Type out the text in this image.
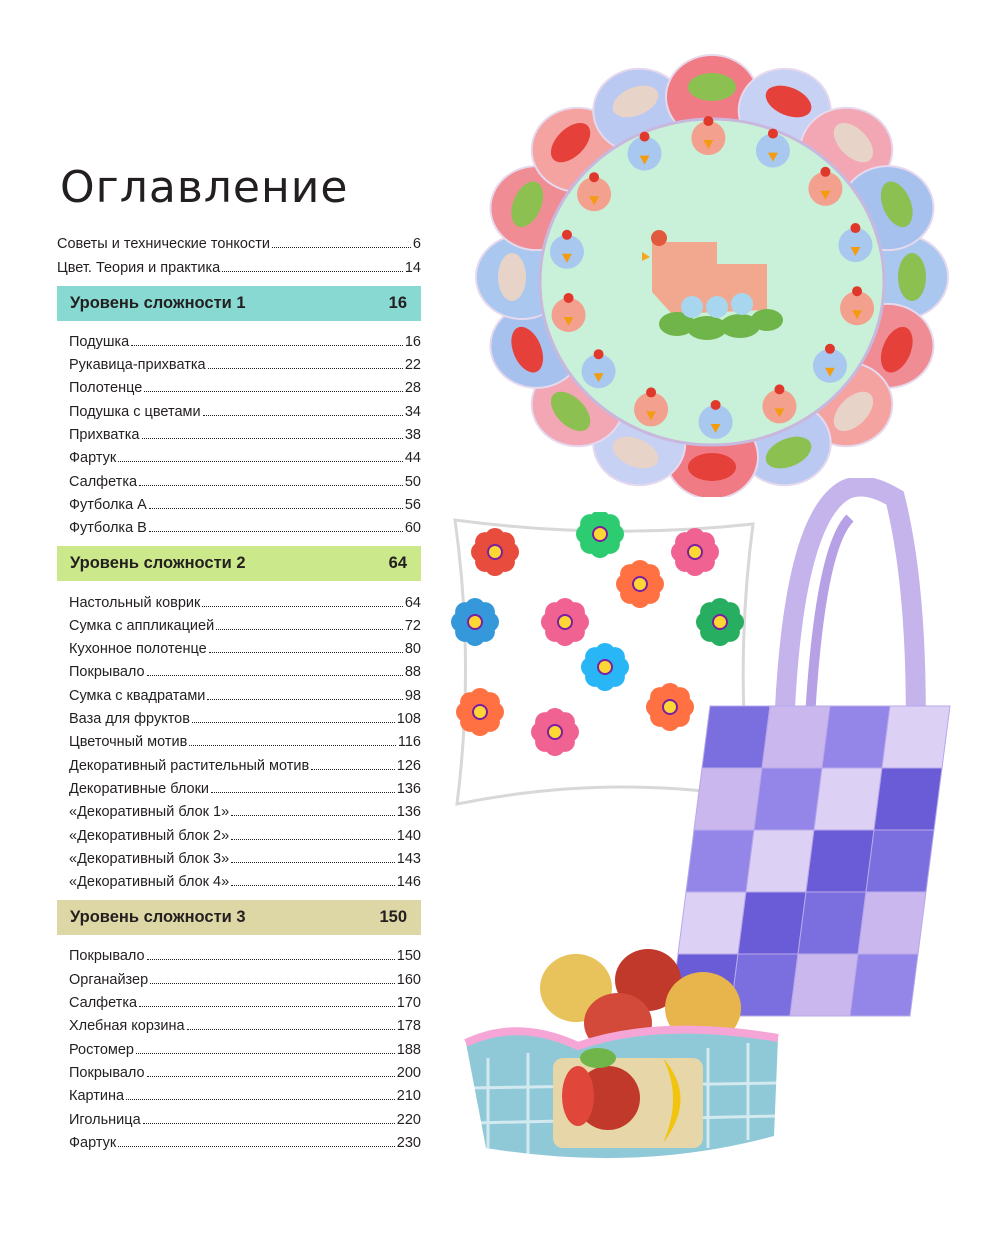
Оглавление
Советы и технические тонкости	6
Цвет. Теория и практика	14
Уровень сложности 1	16
Подушка	16
Рукавица-прихватка	22
Полотенце	28
Подушка с цветами	34
Прихватка	38
Фартук	44
Салфетка	50
Футболка А	56
Футболка В	60
Уровень сложности 2	64
Настольный коврик	64
Сумка с аппликацией	72
Кухонное полотенце	80
Покрывало	88
Сумка с квадратами	98
Ваза для фруктов	108
Цветочный мотив	116
Декоративный растительный мотив	126
Декоративные блоки	136
«Декоративный блок 1»	136
«Декоративный блок 2»	140
«Декоративный блок 3»	143
«Декоративный блок 4»	146
Уровень сложности 3	150
Покрывало	150
Органайзер	160
Салфетка	170
Хлебная корзина	178
Ростомер	188
Покрывало	200
Картина	210
Игольница	220
Фартук	230
